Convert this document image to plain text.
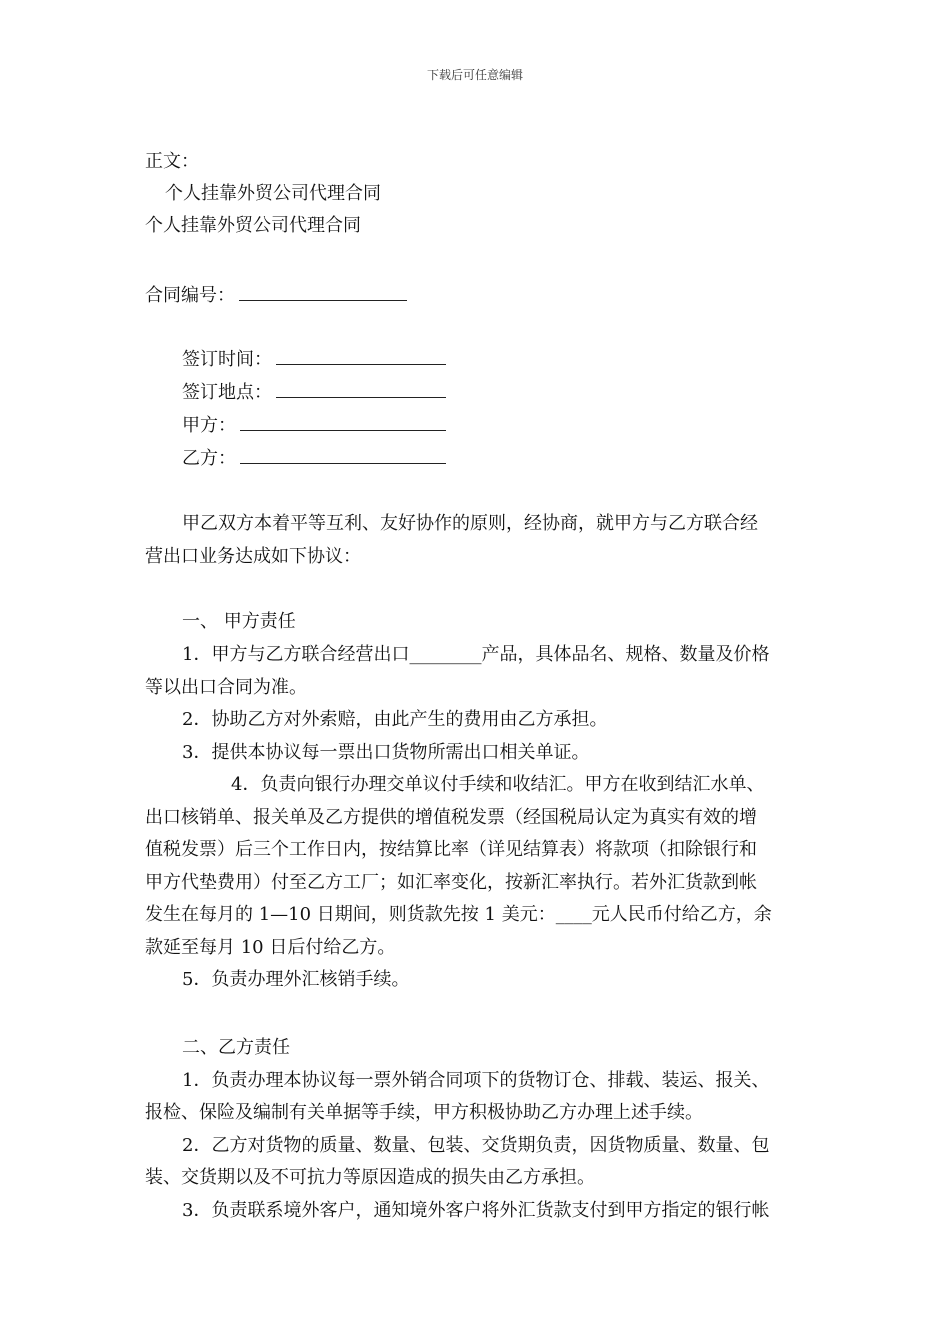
下载后可任意编辑
正文：
个人挂靠外贸公司代理合同
个人挂靠外贸公司代理合同
合同编号：
签订时间：
签订地点：
甲方：
乙方：
甲乙双方本着平等互利、友好协作的原则，经协商，就甲方与乙方联合经
营出口业务达成如下协议：
一、 甲方责任
1．甲方与乙方联合经营出口________产品，具体品名、规格、数量及价格
等以出口合同为准。
2．协助乙方对外索赔，由此产生的费用由乙方承担。
3．提供本协议每一票出口货物所需出口相关单证。
4．负责向银行办理交单议付手续和收结汇。甲方在收到结汇水单、
出口核销单、报关单及乙方提供的增值税发票（经国税局认定为真实有效的增
值税发票）后三个工作日内，按结算比率（详见结算表）将款项（扣除银行和
甲方代垫费用）付至乙方工厂；如汇率变化，按新汇率执行。若外汇货款到帐
发生在每月的 1—10 日期间，则货款先按 1 美元：____元人民币付给乙方，余
款延至每月 10 日后付给乙方。
5．负责办理外汇核销手续。
二、乙方责任
1．负责办理本协议每一票外销合同项下的货物订仓、排载、装运、报关、
报检、保险及编制有关单据等手续，甲方积极协助乙方办理上述手续。
2．乙方对货物的质量、数量、包装、交货期负责，因货物质量、数量、包
装、交货期以及不可抗力等原因造成的损失由乙方承担。
3．负责联系境外客户，通知境外客户将外汇货款支付到甲方指定的银行帐
